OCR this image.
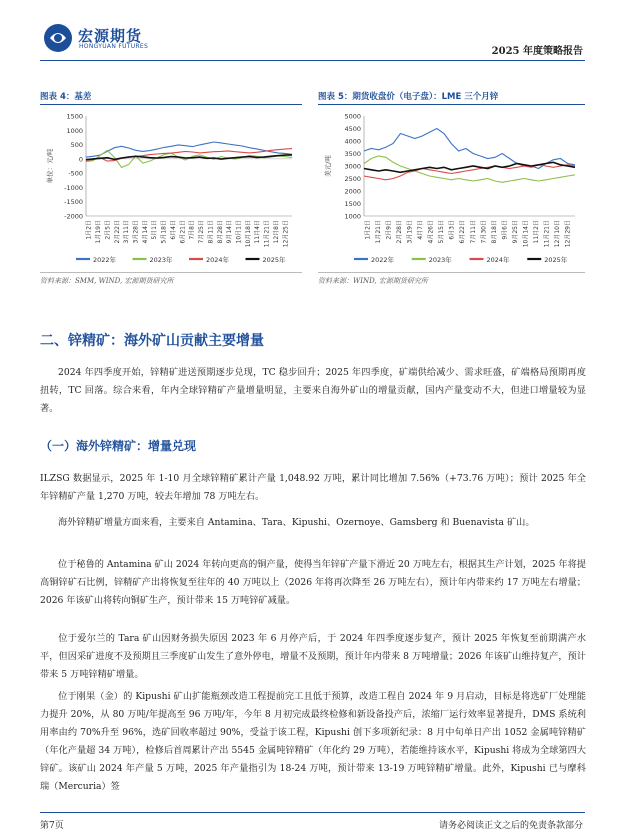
宏源期货
HONGYUAN FUTURES	2025 年度策略报告
图表 4：基差
1500
1000
500
0
-500
-1000
-1500
-2000
单位：元/吨
1月2日 1月19日 2月5日 2月22日 3月11日 3月28日 4月14日 5月1日 5月18日 6月4日 6月21日 7月8日 7月25日 8月11日 8月28日 9月14日 10月1日 10月18日 11月4日 11月21日 12月8日 12月25日
2022年	2023年	2024年	2025年
资料来源：SMM, WIND, 宏源期货研究所
图表 5：期货收盘价（电子盘）：LME 三个月锌
5000
4500
4000
3500
3000
2500
2000
1500
1000
美元/吨
1月2日 1月21日 2月9日 2月28日 3月19日 4月7日 4月26日 5月15日 6月3日 6月22日 7月11日 7月30日 8月18日 9月6日 9月25日 10月14日 11月2日 11月21日 12月10日 12月29日
2022年	2023年	2024年	2025年
资料来源：WIND, 宏源期货研究所
二、锌精矿：海外矿山贡献主要增量
2024 年四季度开始，锌精矿进送预期逐步兑现，TC 稳步回升；2025 年四季度，矿端供给减少、需求旺盛，矿端格局预期再度扭转，TC 回落。综合来看，年内全球锌精矿产量增量明显，主要来自海外矿山的增量贡献，国内产量变动不大，但进口增量较为显著。
（一）海外锌精矿：增量兑现
ILZSG 数据显示，2025 年 1-10 月全球锌精矿累计产量 1,048.92 万吨，累计同比增加 7.56%（+73.76 万吨）；预计 2025 年全年锌精矿产量 1,270 万吨，较去年增加 78 万吨左右。
海外锌精矿增量方面来看，主要来自 Antamina、Tara、Kipushi、Ozernoye、Gamsberg 和 Buenavista 矿山。
位于秘鲁的 Antamina 矿山 2024 年转向更高的铜产量，使得当年锌矿产量下滑近 20 万吨左右，根据其生产计划，2025 年将提高铜锌矿石比例，锌精矿产出将恢复至往年的 40 万吨以上（2026 年将再次降至 26 万吨左右），预计年内带来约 17 万吨左右增量；2026 年该矿山将转向铜矿生产，预计带来 15 万吨锌矿减量。
位于爱尔兰的 Tara 矿山因财务损失原因 2023 年 6 月停产后，于 2024 年四季度逐步复产，预计 2025 年恢复至前期满产水平，但因采矿进度不及预期且三季度矿山发生了意外停电，增量不及预期，预计年内带来 8 万吨增量；2026 年该矿山维持复产，预计带来 5 万吨锌精矿增量。
位于刚果（金）的 Kipushi 矿山扩能瓶颈改造工程提前完工且低于预算，改造工程自 2024 年 9 月启动，目标是将选矿厂处理能力提升 20%，从 80 万吨/年提高至 96 万吨/年，今年 8 月初完成最终检修和新设备投产后，浓缩厂运行效率显著提升，DMS 系统利用率由约 70%升至 96%，选矿回收率超过 90%，受益于该工程，Kipushi 创下多项新纪录：8 月中旬单日产出 1052 金属吨锌精矿（年化产量超 34 万吨），检修后首周累计产出 5545 金属吨锌精矿（年化约 29 万吨），若能维持该水平，Kipushi 将成为全球第四大锌矿。该矿山 2024 年产量 5 万吨，2025 年产量指引为 18-24 万吨，预计带来 13-19 万吨锌精矿增量。此外，Kipushi 已与摩科瑞（Mercuria）签
第7页	请务必阅读正文之后的免责条款部分
